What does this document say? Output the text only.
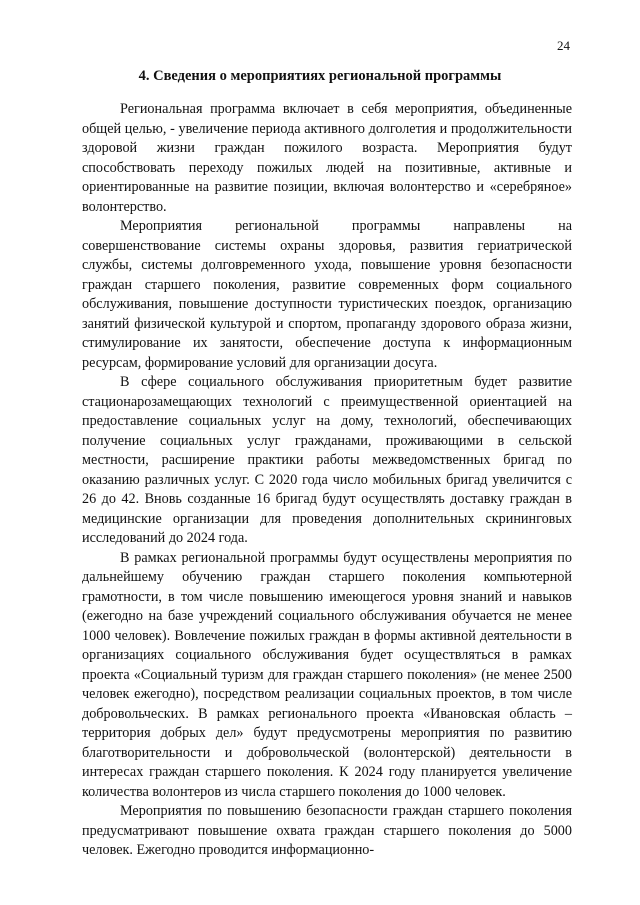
24
4. Сведения о мероприятиях региональной программы

Региональная программа включает в себя мероприятия, объединенные общей целью, - увеличение периода активного долголетия и продолжительности здоровой жизни граждан пожилого возраста. Мероприятия будут способствовать переходу пожилых людей на позитивные, активные и ориентированные на развитие позиции, включая волонтерство и «серебряное» волонтерство.

Мероприятия региональной программы направлены на совершенствование системы охраны здоровья, развития гериатрической службы, системы долговременного ухода, повышение уровня безопасности граждан старшего поколения, развитие современных форм социального обслуживания, повышение доступности туристических поездок, организацию занятий физической культурой и спортом, пропаганду здорового образа жизни, стимулирование их занятости, обеспечение доступа к информационным ресурсам, формирование условий для организации досуга.

В сфере социального обслуживания приоритетным будет развитие стационарозамещающих технологий с преимущественной ориентацией на предоставление социальных услуг на дому, технологий, обеспечивающих получение социальных услуг гражданами, проживающими в сельской местности, расширение практики работы межведомственных бригад по оказанию различных услуг. С 2020 года число мобильных бригад увеличится с 26 до 42. Вновь созданные 16 бригад будут осуществлять доставку граждан в медицинские организации для проведения дополнительных скрининговых исследований до 2024 года.

В рамках региональной программы будут осуществлены мероприятия по дальнейшему обучению граждан старшего поколения компьютерной грамотности, в том числе повышению имеющегося уровня знаний и навыков (ежегодно на базе учреждений социального обслуживания обучается не менее 1000 человек). Вовлечение пожилых граждан в формы активной деятельности в организациях социального обслуживания будет осуществляться в рамках проекта «Социальный туризм для граждан старшего поколения» (не менее 2500 человек ежегодно), посредством реализации социальных проектов, в том числе добровольческих. В рамках регионального проекта «Ивановская область – территория добрых дел» будут предусмотрены мероприятия по развитию благотворительности и добровольческой (волонтерской) деятельности в интересах граждан старшего поколения. К 2024 году планируется увеличение количества волонтеров из числа старшего поколения до 1000 человек.

Мероприятия по повышению безопасности граждан старшего поколения предусматривают повышение охвата граждан старшего поколения до 5000 человек. Ежегодно проводится информационно-
